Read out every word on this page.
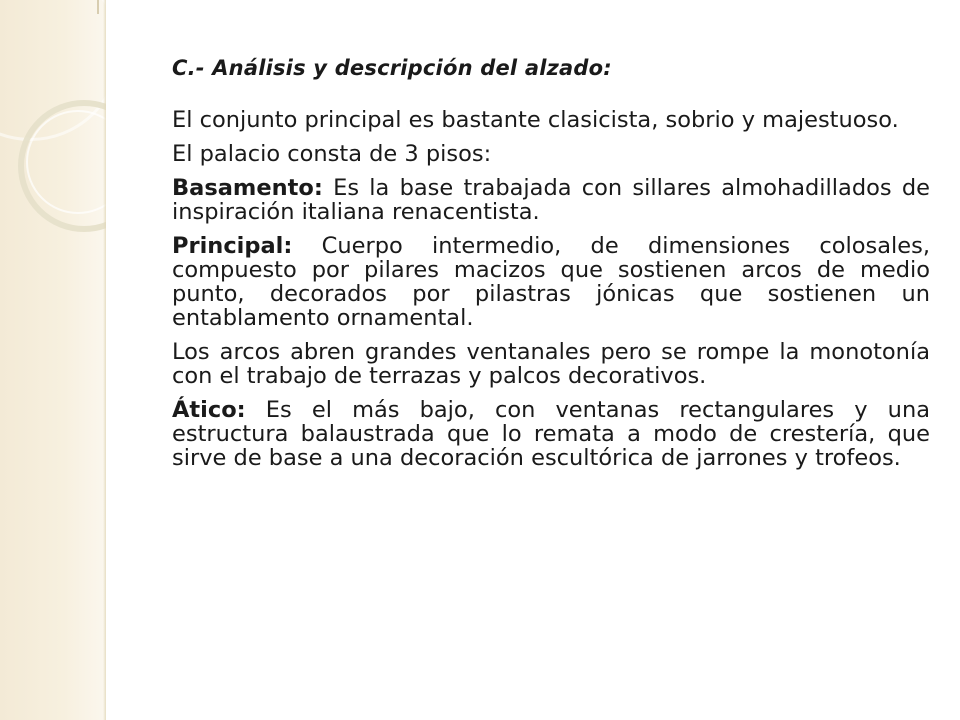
C.- Análisis y descripción del alzado:

El conjunto principal es bastante clasicista, sobrio y majestuoso.

El palacio consta de 3 pisos:

Basamento: Es la base trabajada con sillares almohadillados de inspiración italiana renacentista.

Principal: Cuerpo intermedio, de dimensiones colosales, compuesto por pilares macizos que sostienen arcos de medio punto, decorados por pilastras jónicas que sostienen un entablamento ornamental.

Los arcos abren grandes ventanales pero se rompe la monotonía con el trabajo de terrazas y palcos decorativos.

Ático: Es el más bajo, con ventanas rectangulares y una estructura balaustrada que lo remata a modo de crestería, que sirve de base a una decoración escultórica de jarrones y trofeos.
